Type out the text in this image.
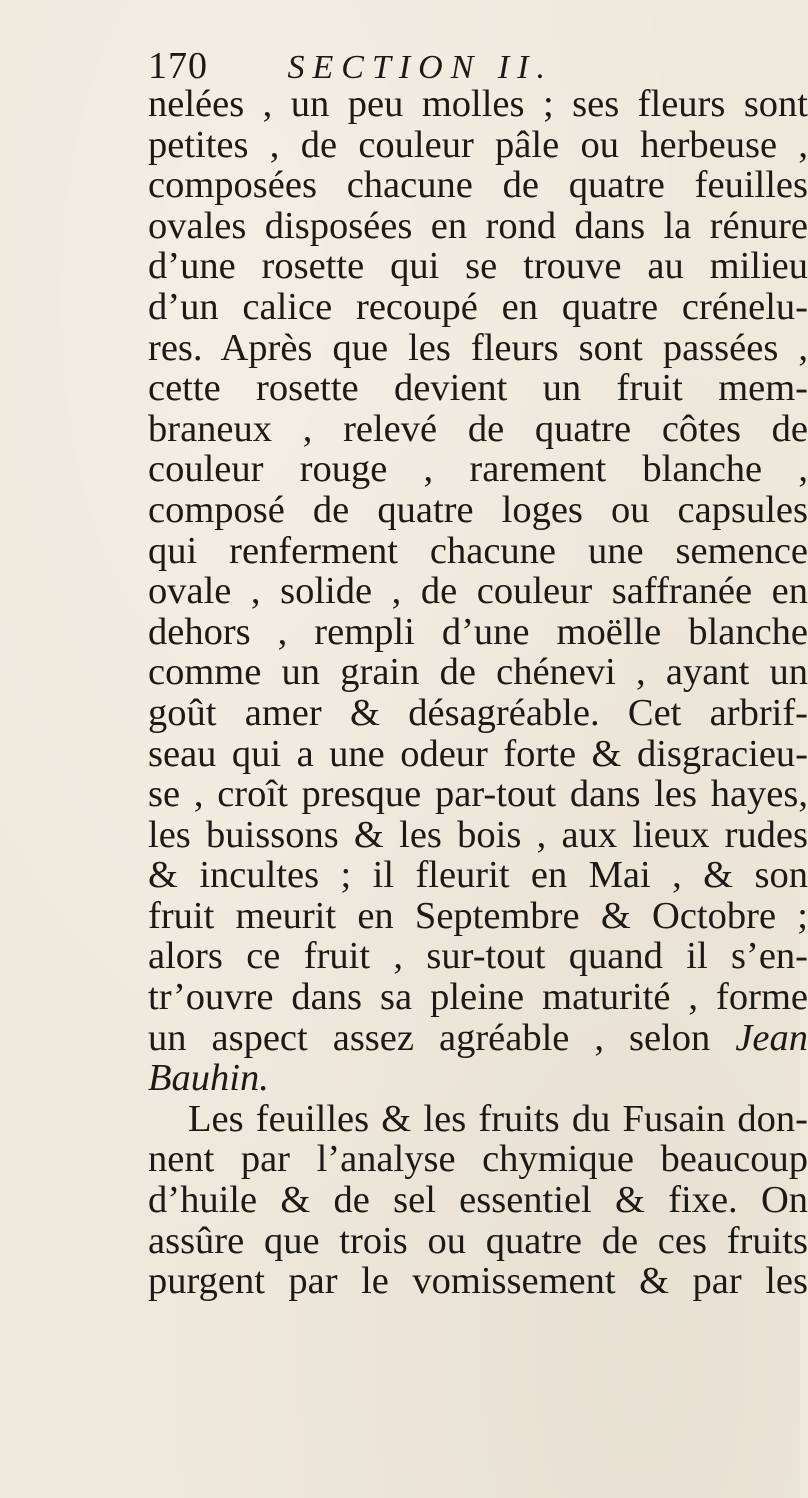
170 SECTION II.
nelées , un peu molles ; ses fleurs sont
petites , de couleur pâle ou herbeuse ,
composées chacune de quatre feuilles
ovales disposées en rond dans la rénure
d’une rosette qui se trouve au milieu
d’un calice recoupé en quatre crénelu-
res. Après que les fleurs sont passées ,
cette rosette devient un fruit mem-
braneux , relevé de quatre côtes de
couleur rouge , rarement blanche ,
composé de quatre loges ou capsules
qui renferment chacune une semence
ovale , solide , de couleur saffranée en
dehors , rempli d’une moëlle blanche
comme un grain de chénevi , ayant un
goût amer & désagréable. Cet arbrif-
seau qui a une odeur forte & disgracieu-
se , croît presque par-tout dans les hayes,
les buissons & les bois , aux lieux rudes
& incultes ; il fleurit en Mai , & son
fruit meurit en Septembre & Octobre ;
alors ce fruit , sur-tout quand il s’en-
tr’ouvre dans sa pleine maturité , forme
un aspect assez agréable , selon Jean
Bauhin.
Les feuilles & les fruits du Fusain don-
nent par l’analyse chymique beaucoup
d’huile & de sel essentiel & fixe. On
assûre que trois ou quatre de ces fruits
purgent par le vomissement & par les
